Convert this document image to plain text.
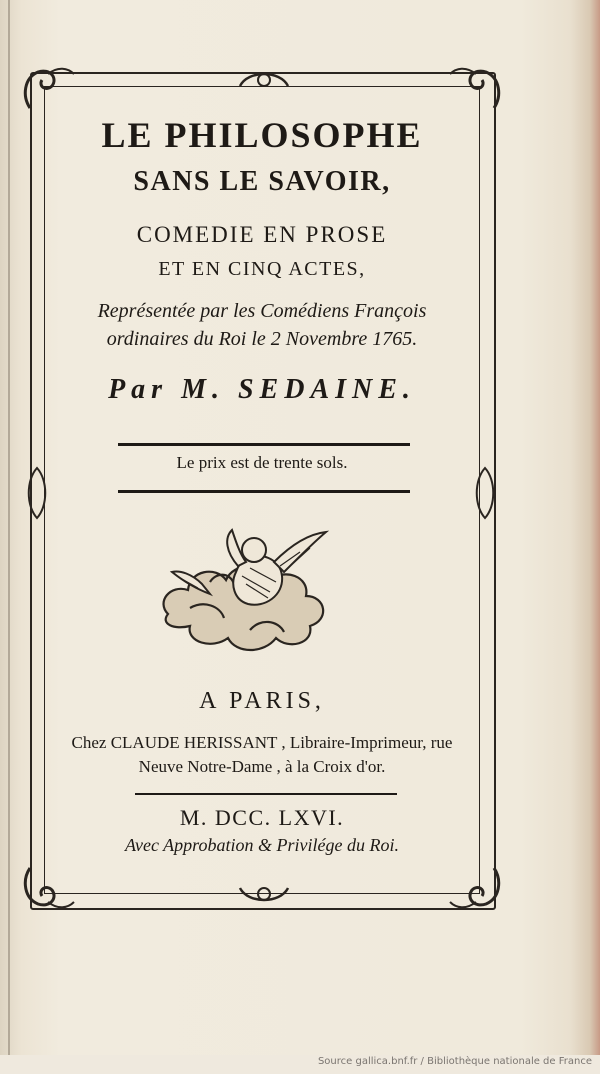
LE PHILOSOPHE
SANS LE SAVOIR,
COMEDIE EN PROSE
ET EN CINQ ACTES,
Représentée par les Comédiens François
ordinaires du Roi le 2 Novembre 1765.
Par M. SEDAINE.
Le prix est de trente sols.
A PARIS,
Chez CLAUDE HERISSANT , Libraire-Imprimeur, rue
Neuve Notre-Dame , à la Croix d'or.
M. DCC. LXVI.
Avec Approbation & Privilége du Roi.
Source gallica.bnf.fr / Bibliothèque nationale de France
